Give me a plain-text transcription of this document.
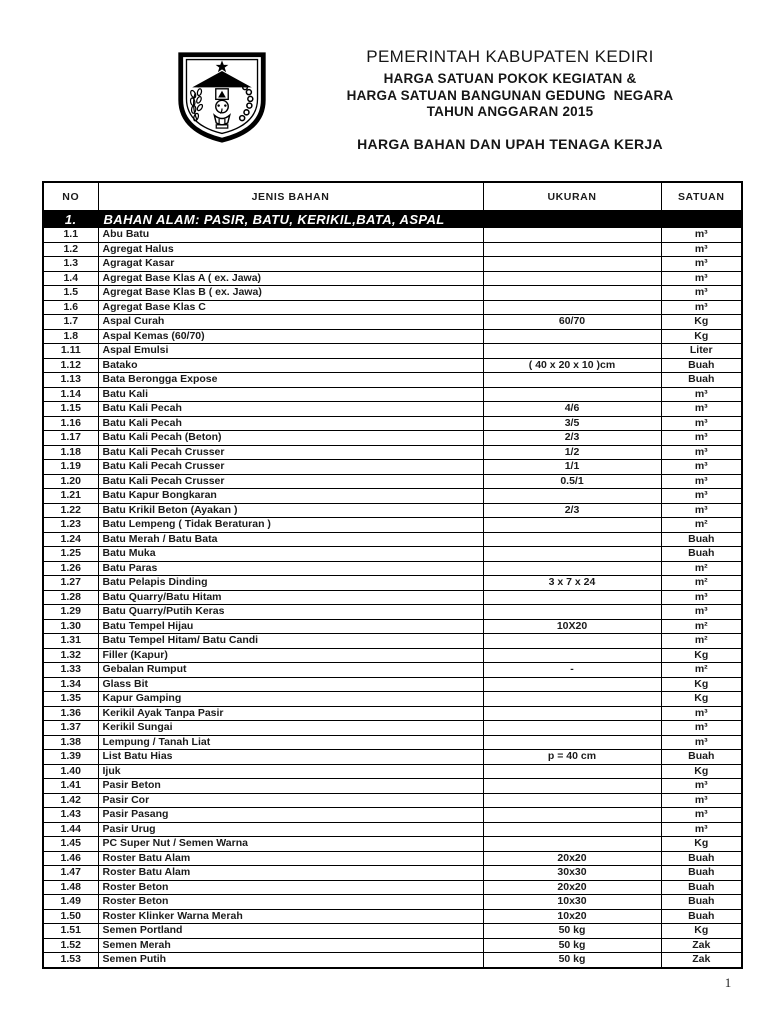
PEMERINTAH KABUPATEN KEDIRI
HARGA SATUAN POKOK KEGIATAN &
HARGA SATUAN BANGUNAN GEDUNG  NEGARA
TAHUN ANGGARAN 2015
HARGA BAHAN DAN UPAH TENAGA KERJA
NO	JENIS BAHAN	UKURAN	SATUAN
1.	BAHAN ALAM: PASIR, BATU, KERIKIL,BATA, ASPAL		
1.1	Abu Batu		m³
1.2	Agregat Halus		m³
1.3	Agragat Kasar		m³
1.4	Agregat Base Klas A ( ex. Jawa)		m³
1.5	Agregat Base Klas B ( ex. Jawa)		m³
1.6	Agregat Base Klas C		m³
1.7	Aspal Curah	60/70	Kg
1.8	Aspal Kemas (60/70)		Kg
1.11	Aspal Emulsi		Liter
1.12	Batako	( 40 x 20 x 10 )cm	Buah
1.13	Bata Berongga Expose		Buah
1.14	Batu Kali		m³
1.15	Batu Kali Pecah	4/6	m³
1.16	Batu Kali Pecah	3/5	m³
1.17	Batu Kali Pecah (Beton)	2/3	m³
1.18	Batu Kali Pecah Crusser	1/2	m³
1.19	Batu Kali Pecah Crusser	1/1	m³
1.20	Batu Kali Pecah Crusser	0.5/1	m³
1.21	Batu Kapur Bongkaran		m³
1.22	Batu Krikil Beton (Ayakan )	2/3	m³
1.23	Batu Lempeng ( Tidak Beraturan )		m²
1.24	Batu Merah / Batu Bata		Buah
1.25	Batu Muka		Buah
1.26	Batu Paras		m²
1.27	Batu Pelapis Dinding	3 x 7 x 24	m²
1.28	Batu Quarry/Batu Hitam		m³
1.29	Batu Quarry/Putih Keras		m³
1.30	Batu Tempel Hijau	10X20	m²
1.31	Batu Tempel Hitam/ Batu Candi		m²
1.32	Filler (Kapur)		Kg
1.33	Gebalan Rumput	-	m²
1.34	Glass Bit		Kg
1.35	Kapur Gamping		Kg
1.36	Kerikil Ayak Tanpa Pasir		m³
1.37	Kerikil Sungai		m³
1.38	Lempung / Tanah Liat		m³
1.39	List Batu Hias	p = 40 cm	Buah
1.40	Ijuk		Kg
1.41	Pasir Beton		m³
1.42	Pasir Cor		m³
1.43	Pasir Pasang		m³
1.44	Pasir Urug		m³
1.45	PC Super Nut / Semen Warna		Kg
1.46	Roster Batu Alam	20x20	Buah
1.47	Roster Batu Alam	30x30	Buah
1.48	Roster Beton	20x20	Buah
1.49	Roster Beton	10x30	Buah
1.50	Roster Klinker Warna Merah	10x20	Buah
1.51	Semen Portland	50 kg	Kg
1.52	Semen Merah	50 kg	Zak
1.53	Semen Putih	50 kg	Zak
1
